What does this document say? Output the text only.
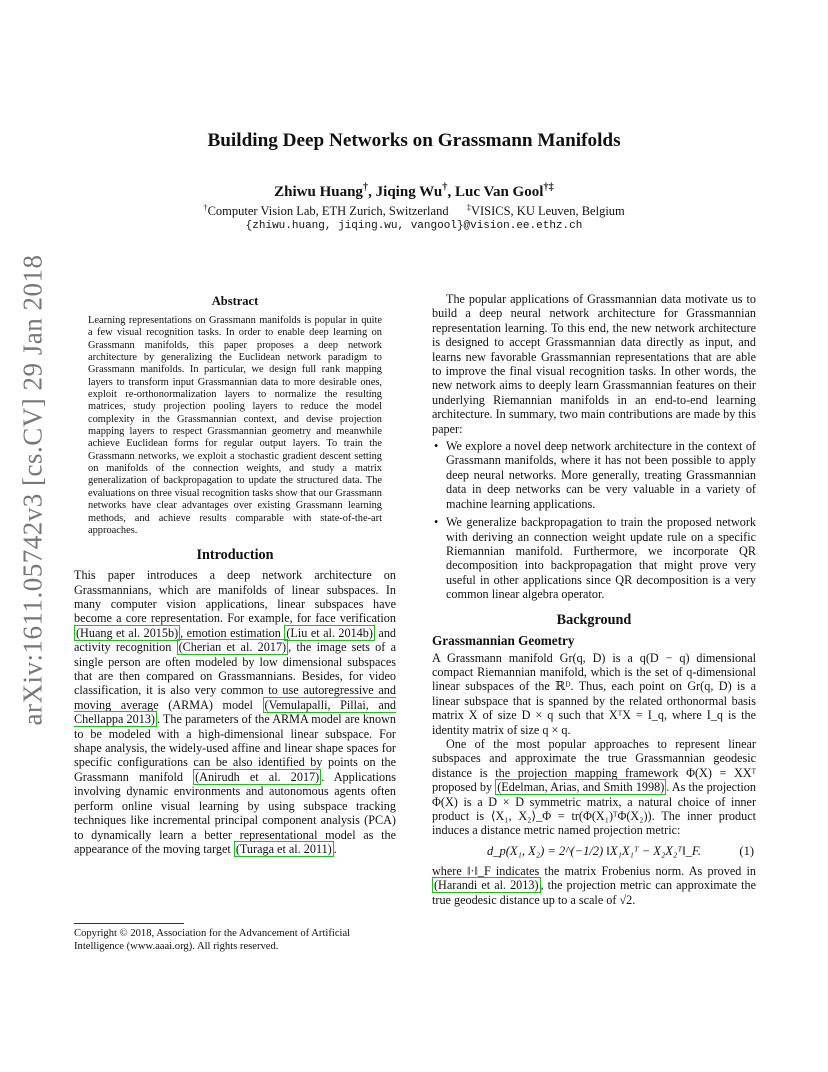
arXiv:1611.05742v3 [cs.CV] 29 Jan 2018
Building Deep Networks on Grassmann Manifolds
Zhiwu Huang†, Jiqing Wu†, Luc Van Gool†‡
†Computer Vision Lab, ETH Zurich, Switzerland ‡VISICS, KU Leuven, Belgium
{zhiwu.huang, jiqing.wu, vangool}@vision.ee.ethz.ch
Abstract
Learning representations on Grassmann manifolds is popular in quite a few visual recognition tasks. In order to enable deep learning on Grassmann manifolds, this paper proposes a deep network architecture by generalizing the Euclidean network paradigm to Grassmann manifolds. In particular, we design full rank mapping layers to transform input Grassmannian data to more desirable ones, exploit re-orthonormalization layers to normalize the resulting matrices, study projection pooling layers to reduce the model complexity in the Grassmannian context, and devise projection mapping layers to respect Grassmannian geometry and meanwhile achieve Euclidean forms for regular output layers. To train the Grassmann networks, we exploit a stochastic gradient descent setting on manifolds of the connection weights, and study a matrix generalization of backpropagation to update the structured data. The evaluations on three visual recognition tasks show that our Grassmann networks have clear advantages over existing Grassmann learning methods, and achieve results comparable with state-of-the-art approaches.
Introduction

This paper introduces a deep network architecture on Grassmannians, which are manifolds of linear subspaces. In many computer vision applications, linear subspaces have become a core representation. For example, for face verification (Huang et al. 2015b) , emotion estimation (Liu et al. 2014b) and activity recognition (Cherian et al. 2017) , the image sets of a single person are often modeled by low dimensional subspaces that are then compared on Grassmannians. Besides, for video classification, it is also very common to use autoregressive and moving average (ARMA) model (Vemulapalli, Pillai, and Chellappa 2013) . The parameters of the ARMA model are known to be modeled with a high-dimensional linear subspace. For shape analysis, the widely-used affine and linear shape spaces for specific configurations can be also identified by points on the Grassmann manifold (Anirudh et al. 2017) . Applications involving dynamic environments and autonomous agents often perform online visual learning by using subspace tracking techniques like incremental principal component analysis (PCA) to dynamically learn a better representational model as the appearance of the moving target (Turaga et al. 2011) .

Copyright © 2018, Association for the Advancement of Artificial Intelligence (www.aaai.org). All rights reserved.

The popular applications of Grassmannian data motivate us to build a deep neural network architecture for Grassmannian representation learning. To this end, the new network architecture is designed to accept Grassmannian data directly as input, and learns new favorable Grassmannian representations that are able to improve the final visual recognition tasks. In other words, the new network aims to deeply learn Grassmannian features on their underlying Riemannian manifolds in an end-to-end learning architecture. In summary, two main contributions are made by this paper:

• We explore a novel deep network architecture in the context of Grassmann manifolds, where it has not been possible to apply deep neural networks. More generally, treating Grassmannian data in deep networks can be very valuable in a variety of machine learning applications.
• We generalize backpropagation to train the proposed network with deriving an connection weight update rule on a specific Riemannian manifold. Furthermore, we incorporate QR decomposition into backpropagation that might prove very useful in other applications since QR decomposition is a very common linear algebra operator.
Background
Grassmannian Geometry

A Grassmann manifold Gr(q, D) is a q(D − q) dimensional compact Riemannian manifold, which is the set of q-dimensional linear subspaces of the ℝᴰ. Thus, each point on Gr(q, D) is a linear subspace that is spanned by the related orthonormal basis matrix X of size D × q such that XᵀX = I_q, where I_q is the identity matrix of size q × q.

One of the most popular approaches to represent linear subspaces and approximate the true Grassmannian geodesic distance is the projection mapping framework Φ(X) = XXᵀ proposed by (Edelman, Arias, and Smith 1998) . As the projection Φ(X) is a D × D symmetric matrix, a natural choice of inner product is ⟨X₁, X₂⟩_Φ = tr(Φ(X₁)ᵀΦ(X₂)). The inner product induces a distance metric named projection metric:

d_p(X₁, X₂) = 2^(−1/2) ‖X₁X₁ᵀ − X₂X₂ᵀ‖_F.	(1)

where ‖·‖_F indicates the matrix Frobenius norm. As proved in (Harandi et al. 2013) , the projection metric can approximate the true geodesic distance up to a scale of √2.
